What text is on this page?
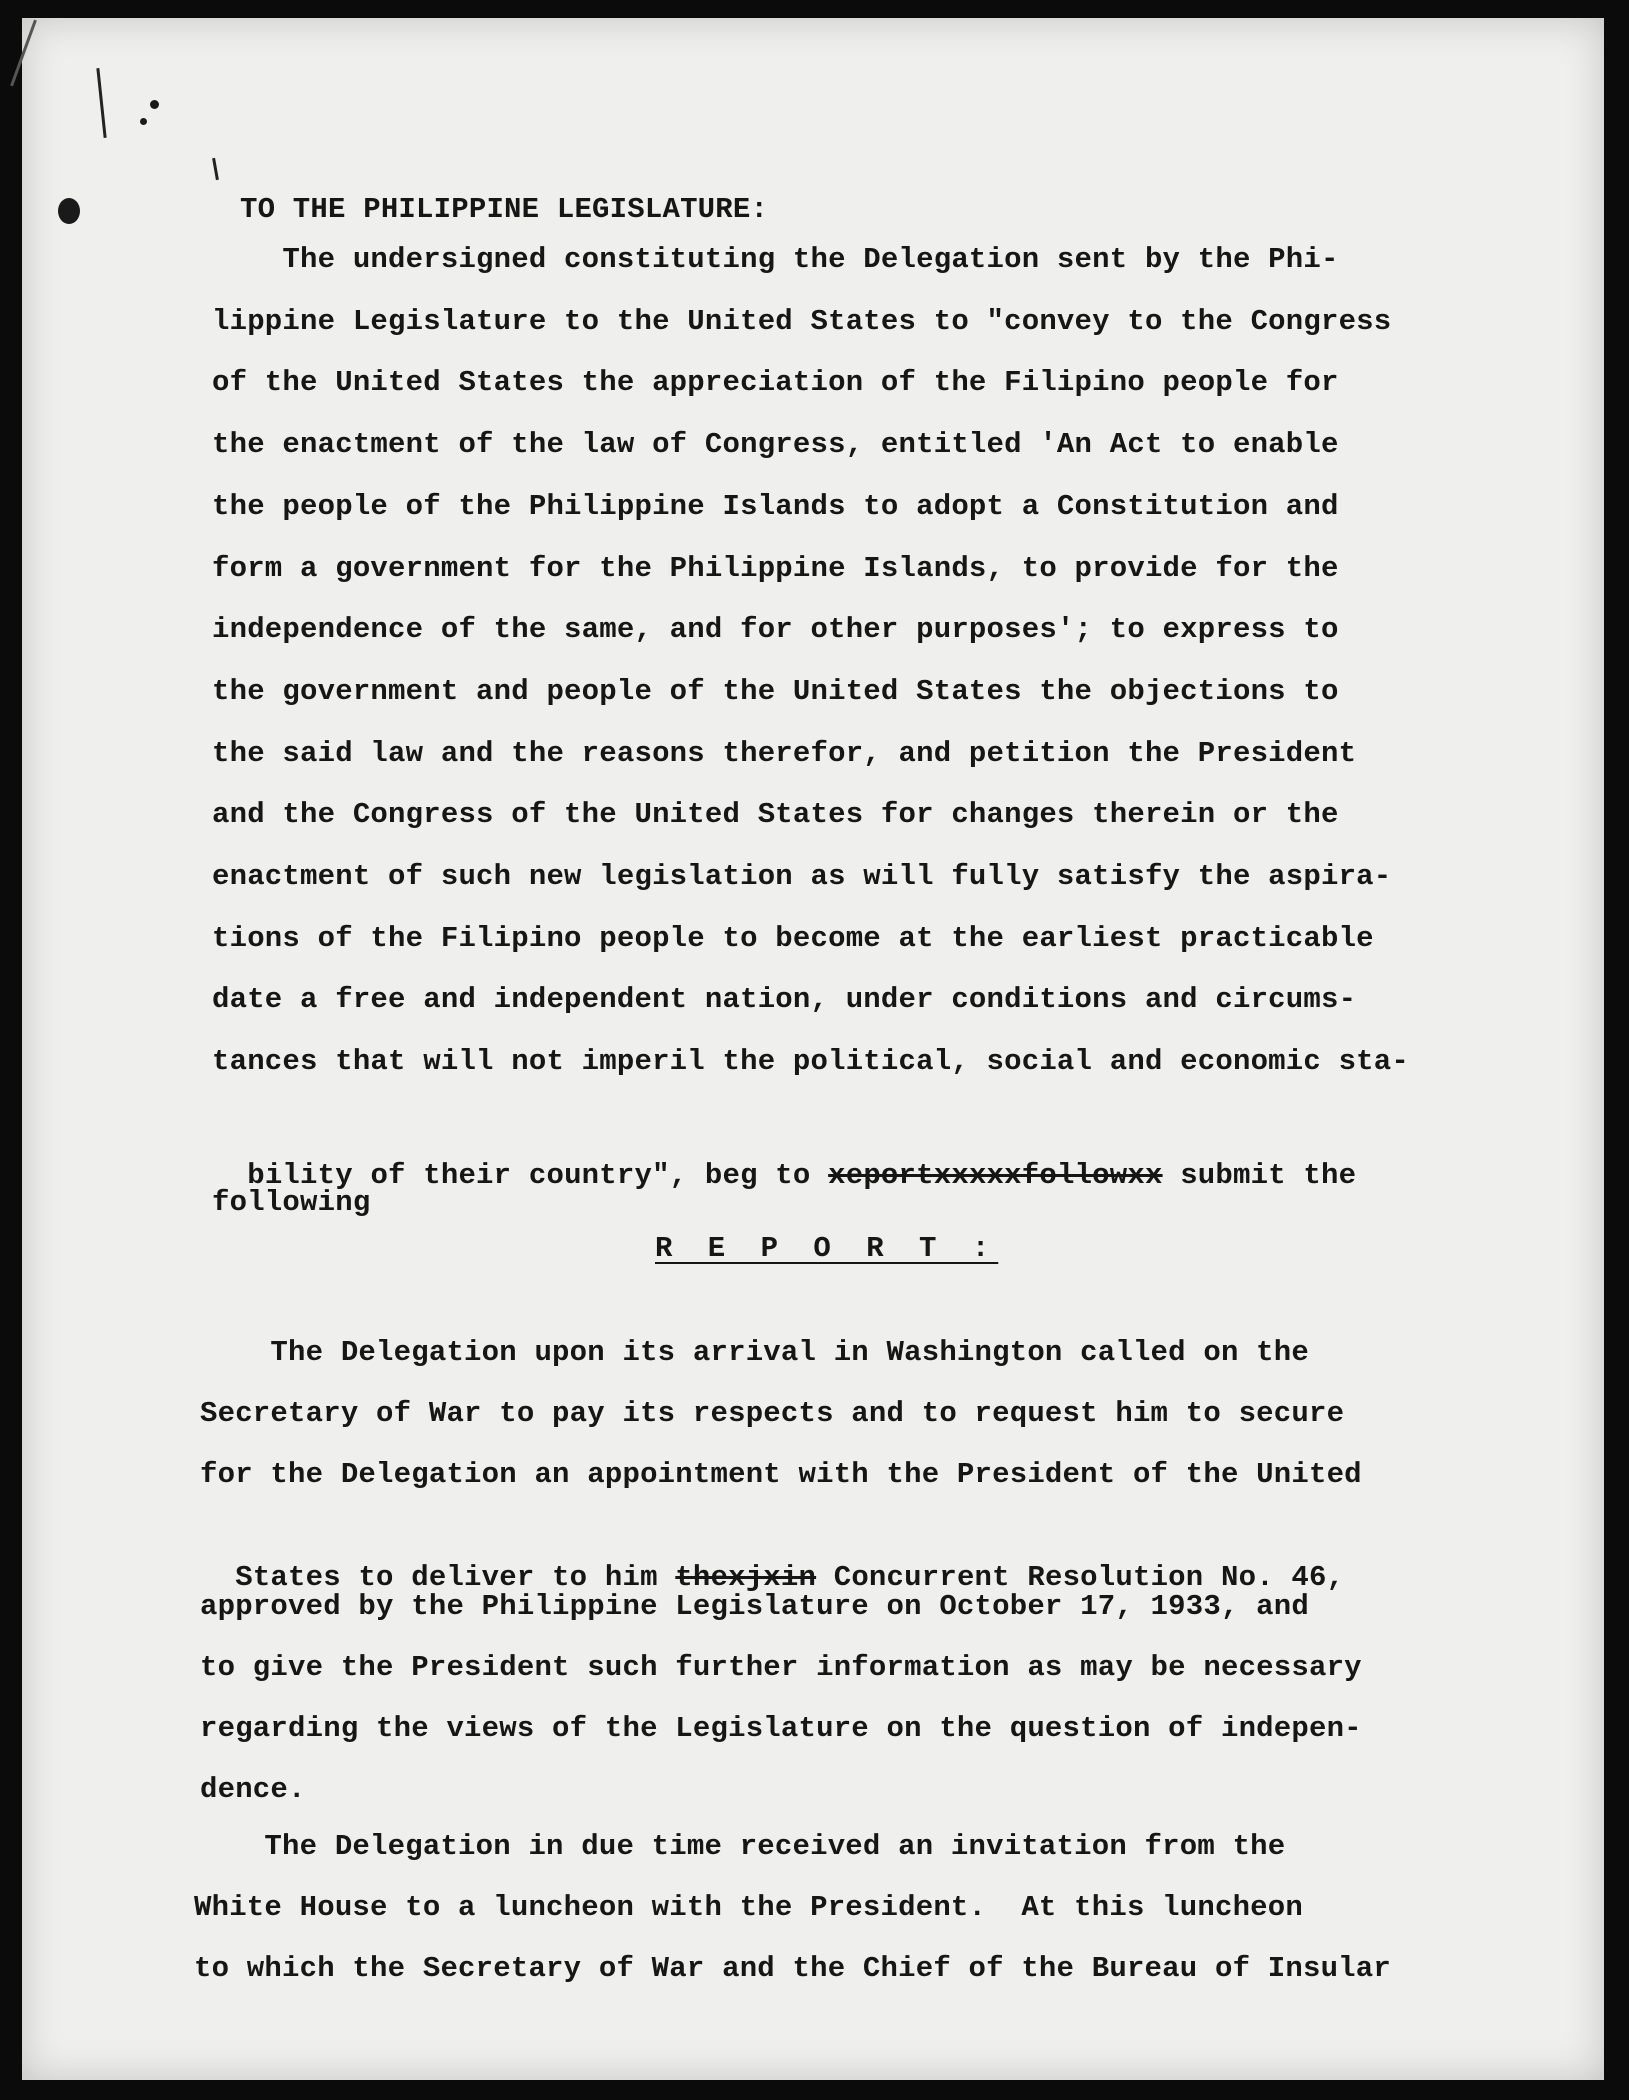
TO THE PHILIPPINE LEGISLATURE:
The undersigned constituting the Delegation sent by the Phi-
lippine Legislature to the United States to "convey to the Congress
of the United States the appreciation of the Filipino people for
the enactment of the law of Congress, entitled 'An Act to enable
the people of the Philippine Islands to adopt a Constitution and
form a government for the Philippine Islands, to provide for the
independence of the same, and for other purposes'; to express to
the government and people of the United States the objections to
the said law and the reasons therefor, and petition the President
and the Congress of the United States for changes therein or the
enactment of such new legislation as will fully satisfy the aspira-
tions of the Filipino people to become at the earliest practicable
date a free and independent nation, under conditions and circums-
tances that will not imperil the political, social and economic sta-
The Delegation upon its arrival in Washington called on the
Secretary of War to pay its respects and to request him to secure
for the Delegation an appointment with the President of the United
approved by the Philippine Legislature on October 17, 1933, and
to give the President such further information as may be necessary
regarding the views of the Legislature on the question of indepen-
dence.
The Delegation in due time received an invitation from the
White House to a luncheon with the President.  At this luncheon
to which the Secretary of War and the Chief of the Bureau of Insular

bility of their country", beg to xeportxxxxxfollowxx submit the

following
R E P O R T :

States to deliver to him thexjxin Concurrent Resolution No. 46,
